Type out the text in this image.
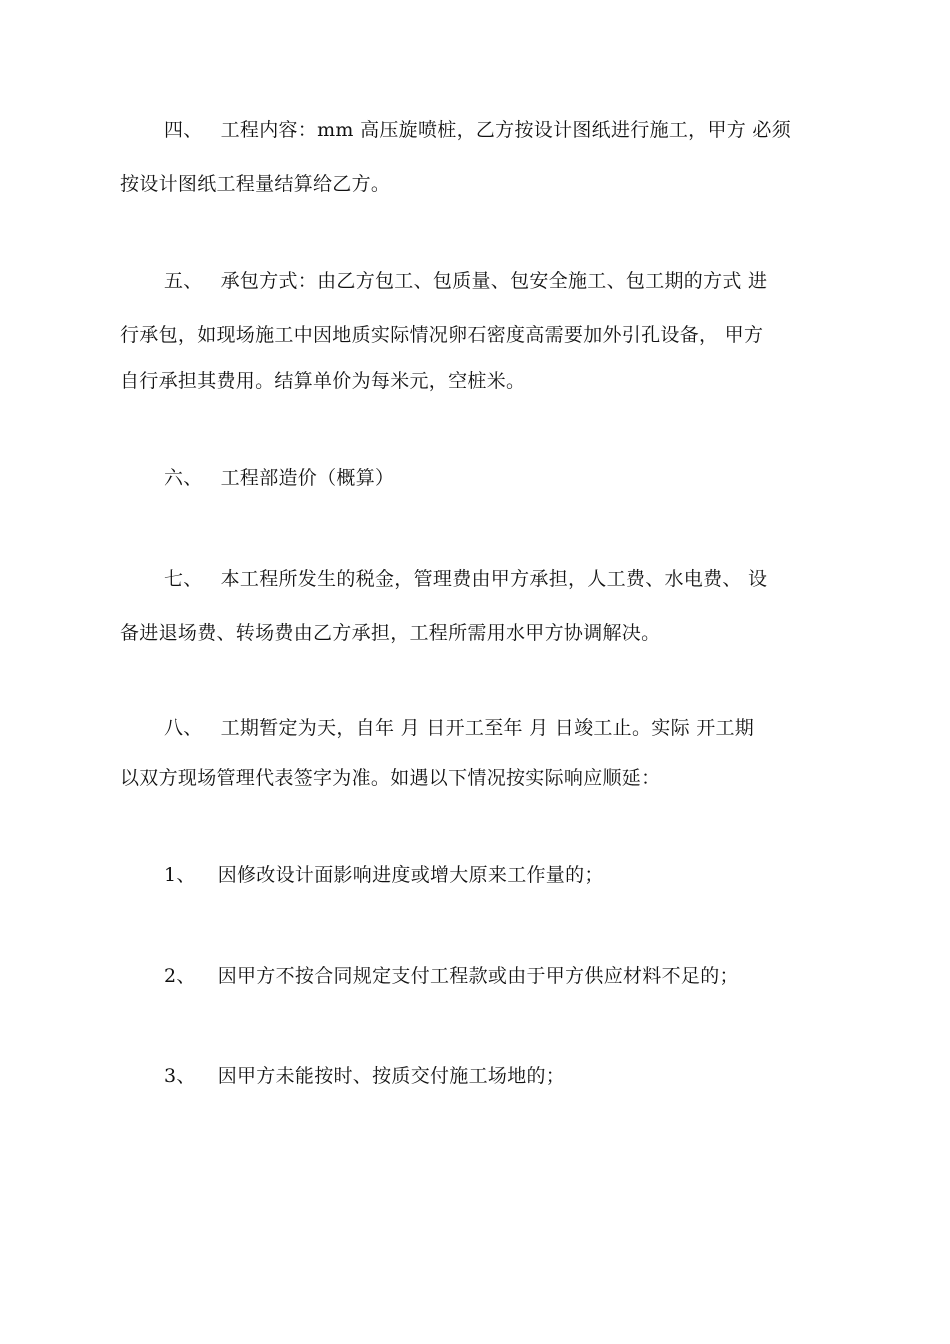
四、 工程内容：mm 高压旋喷桩，乙方按设计图纸进行施工，甲方 必须
按设计图纸工程量结算给乙方。
五、 承包方式：由乙方包工、包质量、包安全施工、包工期的方式 进
行承包，如现场施工中因地质实际情况卵石密度高需要加外引孔设备， 甲方
自行承担其费用。结算单价为每米元，空桩米。
六、 工程部造价（概算）
七、 本工程所发生的税金，管理费由甲方承担，人工费、水电费、 设
备进退场费、转场费由乙方承担，工程所需用水甲方协调解决。
八、 工期暂定为天，自年 月 日开工至年 月 日竣工止。实际 开工期
以双方现场管理代表签字为准。如遇以下情况按实际响应顺延：
1、 因修改设计面影响进度或增大原来工作量的；
2、 因甲方不按合同规定支付工程款或由于甲方供应材料不足的；
3、 因甲方未能按时、按质交付施工场地的；
